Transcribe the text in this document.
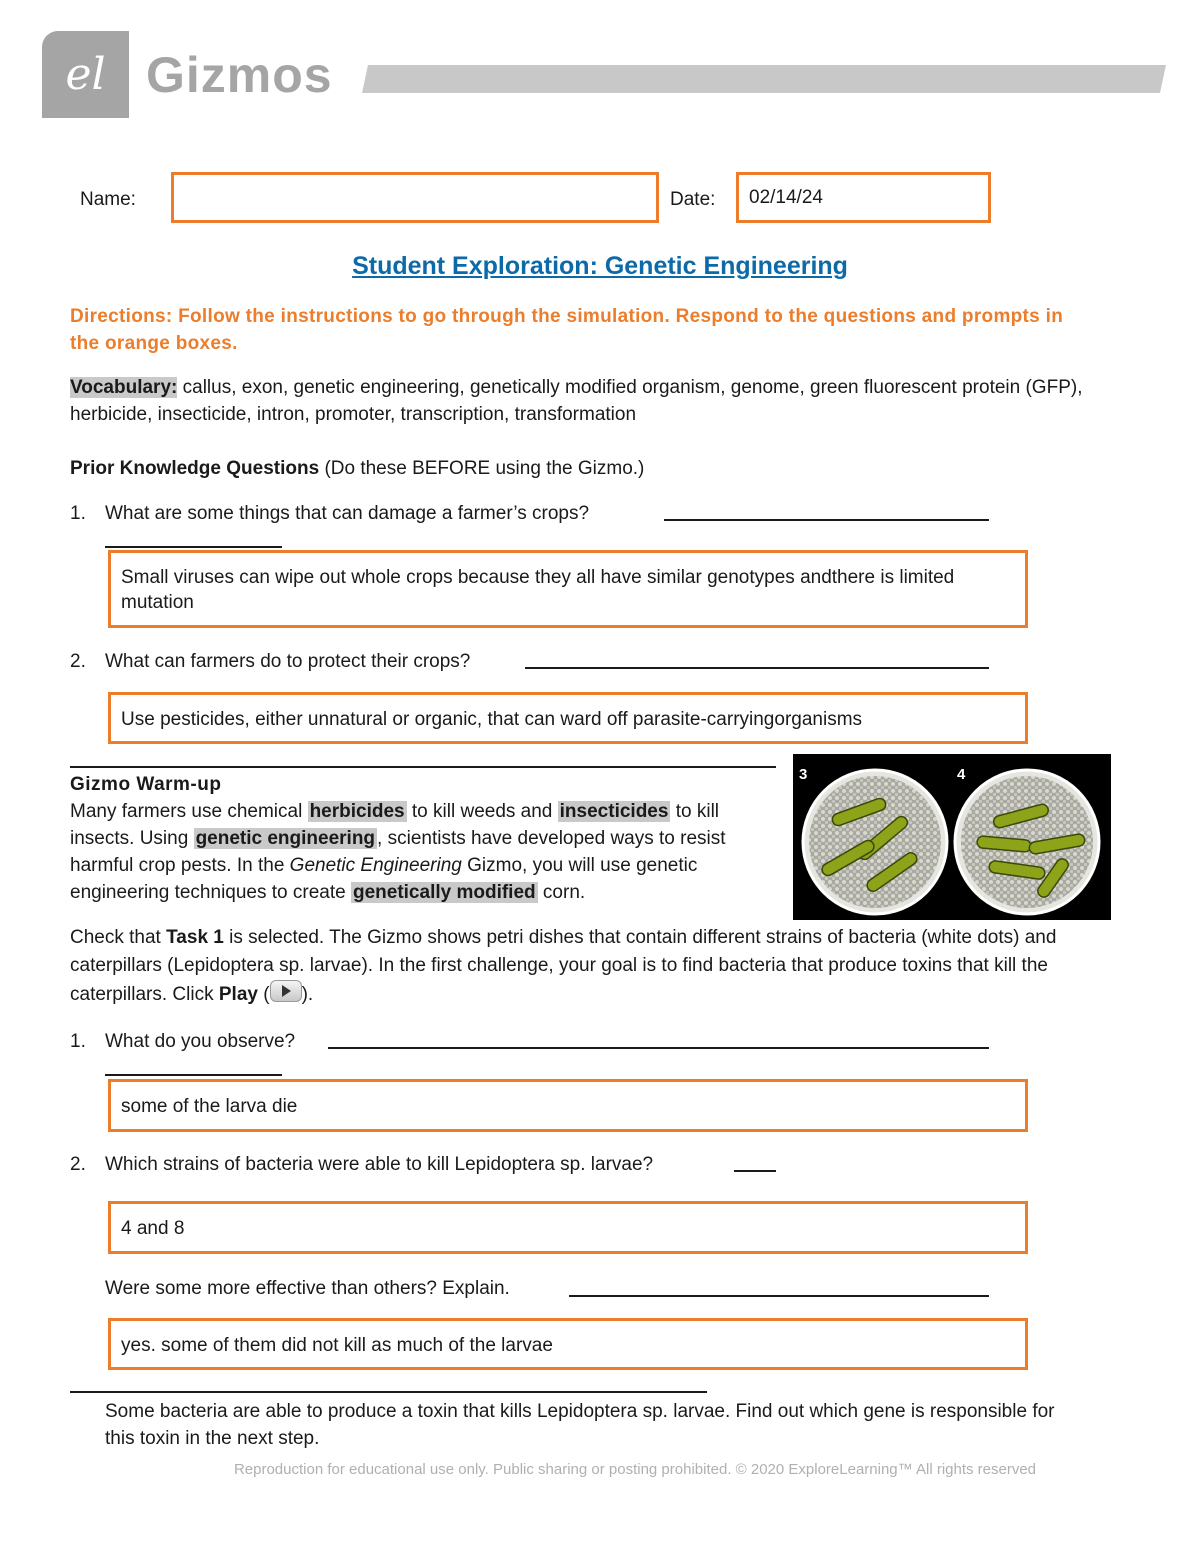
el Gizmos
Name:	Date:	02/14/24
Student Exploration: Genetic Engineering
Directions: Follow the instructions to go through the simulation. Respond to the questions and prompts in the orange boxes.
Vocabulary: callus, exon, genetic engineering, genetically modified organism, genome, green fluorescent protein (GFP), herbicide, insecticide, intron, promoter, transcription, transformation
Prior Knowledge Questions (Do these BEFORE using the Gizmo.)
1. What are some things that can damage a farmer’s crops?
Small viruses can wipe out whole crops because they all have similar genotypes andthere is limited mutation
2. What can farmers do to protect their crops?
Use pesticides, either unnatural or organic, that can ward off parasite-carryingorganisms
Gizmo Warm-up
Many farmers use chemical herbicides to kill weeds and insecticides to kill insects. Using genetic engineering , scientists have developed ways to resist harmful crop pests. In the Genetic Engineering Gizmo, you will use genetic engineering techniques to create genetically modified corn.
3	4
Check that Task 1 is selected. The Gizmo shows petri dishes that contain different strains of bacteria (white dots) and caterpillars (Lepidoptera sp. larvae). In the first challenge, your goal is to find bacteria that produce toxins that kill the caterpillars. Click Play ( ).
1. What do you observe?
some of the larva die
2. Which strains of bacteria were able to kill Lepidoptera sp. larvae?
4 and 8
Were some more effective than others? Explain.
yes. some of them did not kill as much of the larvae
Some bacteria are able to produce a toxin that kills Lepidoptera sp. larvae. Find out which gene is responsible for this toxin in the next step.
Reproduction for educational use only. Public sharing or posting prohibited. © 2020 ExploreLearning™ All rights reserved
